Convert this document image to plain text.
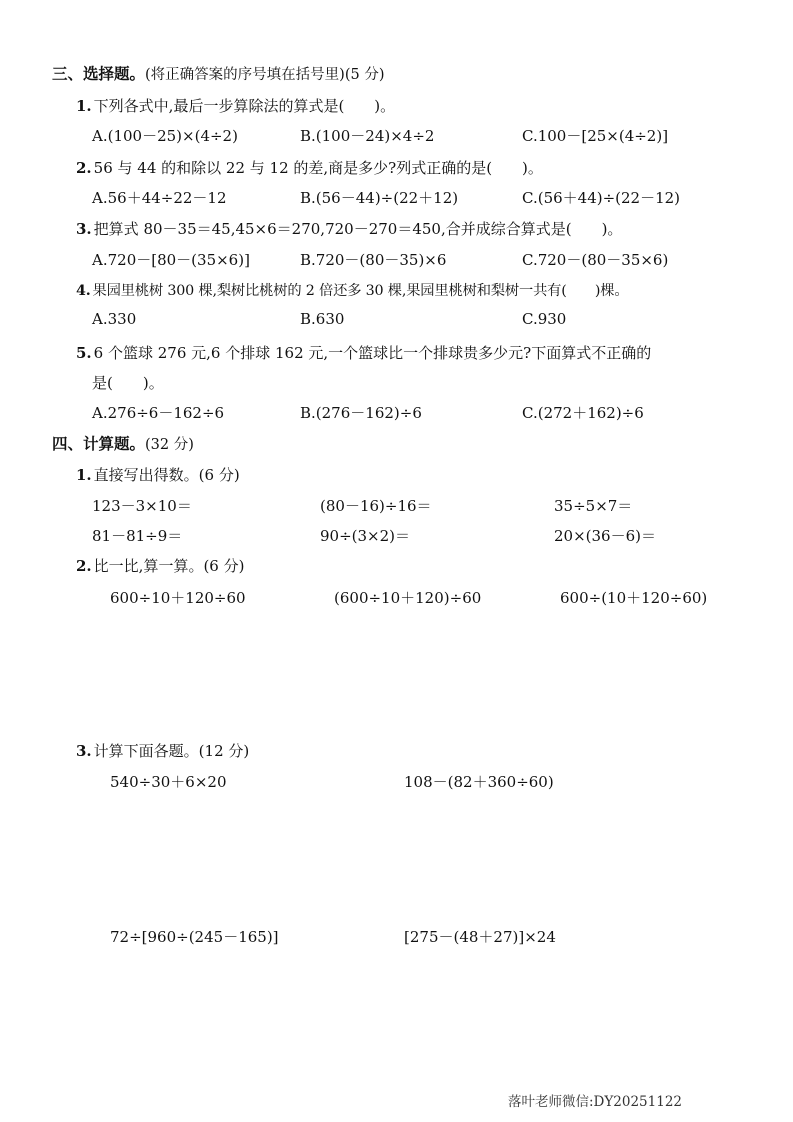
三、选择题。(将正确答案的序号填在括号里)(5 分)
1. 下列各式中,最后一步算除法的算式是(　　)。
A.(100－25)×(4÷2)	B.(100－24)×4÷2	C.100－[25×(4÷2)]
2. 56 与 44 的和除以 22 与 12 的差,商是多少?列式正确的是(　　)。
A.56＋44÷22－12	B.(56－44)÷(22＋12)	C.(56＋44)÷(22－12)
3. 把算式 80－35＝45,45×6＝270,720－270＝450,合并成综合算式是(　　)。
A.720－[80－(35×6)]	B.720－(80－35)×6	C.720－(80－35×6)
4. 果园里桃树 300 棵,梨树比桃树的 2 倍还多 30 棵,果园里桃树和梨树一共有(　　)棵。
A.330	B.630	C.930
5. 6 个篮球 276 元,6 个排球 162 元,一个篮球比一个排球贵多少元?下面算式不正确的
是(　　)。
A.276÷6－162÷6	B.(276－162)÷6	C.(272＋162)÷6
四、计算题。(32 分)
1. 直接写出得数。(6 分)
123－3×10＝	(80－16)÷16＝	35÷5×7＝
81－81÷9＝	90÷(3×2)＝	20×(36－6)＝
2. 比一比,算一算。(6 分)
600÷10＋120÷60	(600÷10＋120)÷60	600÷(10＋120÷60)
3. 计算下面各题。(12 分)
540÷30＋6×20	108－(82＋360÷60)
72÷[960÷(245－165)]	[275－(48＋27)]×24
落叶老师微信:DY20251122
